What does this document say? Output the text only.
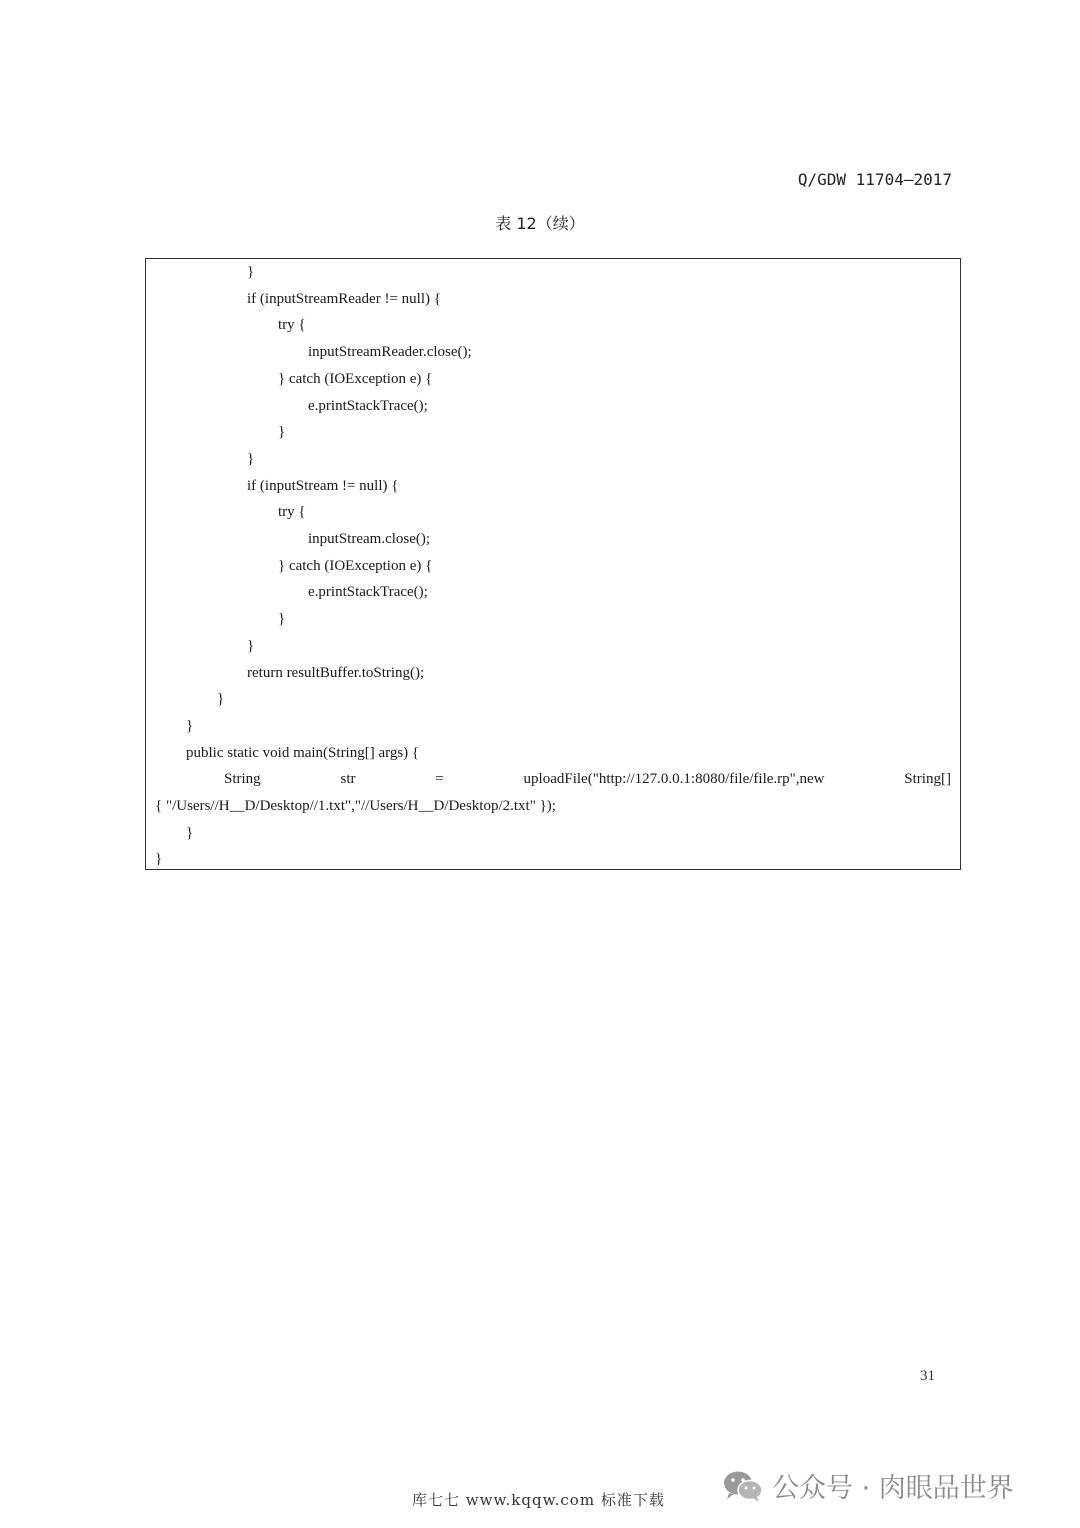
Q/GDW 11704—2017
表 12（续）
}
if (inputStreamReader != null) {
try {
inputStreamReader.close();
} catch (IOException e) {
e.printStackTrace();
}
}
if (inputStream != null) {
try {
inputStream.close();
} catch (IOException e) {
e.printStackTrace();
}
}
return resultBuffer.toString();
}
}
public static void main(String[] args) {
String	str	=	uploadFile("http://127.0.0.1:8080/file/file.rp",new	String[]
{ "/Users//H__D/Desktop//1.txt","//Users/H__D/Desktop/2.txt" });
}
}
31
库七七 www.kqqw.com 标准下载	公众号 · 肉眼品世界
